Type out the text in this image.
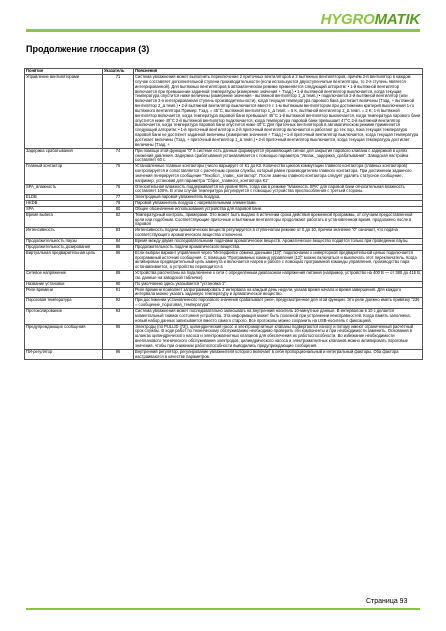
HYGRO MATIK
Продолжение глоссария (3)
Понятие	Указатель	Пояснения
Управление вентиляторами	71	Система увлажнения может выполнить переключение 2 приточных вентиляторов и 2 вытяжных вентиляторов, причём 2-й вентилятор в каждом случае составляет дополнительной ступени производительности (если используются двухступенчатые вентиляторы, то 2-я ступень является интегрированной). Для вытяжных вентиляторов в автоматическом режиме применяется следующий алгоритм: • 1-й вытяжной вентилятор включается при превышении заданной температуры (измерение значения + Тзад.) • 1-й вытяжной вентилятор выключается, когда текущая температура опустится ниже величины (измерение значения - вытяжной вентилятор 1_Δ темп.) • подключается 2-й вытяжной вентилятор (или включается 2-я интегрированная ступень производительности), когда текущая температура парового бака достигает величины (Тзад. + вытяжной вентилятор 2_Δ темп.) • 2-й вытяжной вентилятор выключается вместе с 1-м вытяжным вентилятором при достижении критерия выключения 1-го вытяжного вентилятора Пример: Тзад. = 45°C, вытяжной вентилятор 1_Δ темп. = 5 K, вытяжной вентилятор 2_Δ темп. = 2 K; 1-й вытяжной вентилятор включается, когда температура паровой бани превышает 45°C 1-й вытяжной вентилятор выключается, когда температура парового бани опустится ниже 40°C 2-й вытяжной вентилятор подключается, когда температура паровой бани превышает 47°C 2-й вытяжной вентилятор выключается, когда температура паровой бани опустится ниже 40°C Для приточных вентиляторов в автоматическом режиме применяется следующий алгоритм: • 1-й приточный вентилятор и 2-й приточный вентилятор включаются и работают до тех пор, пока текущая температура паровой бани не достигнет заданной величины (измерение значения + Тзад.) • 1-й приточный вентилятор выключается, когда текущая температура достигает величины (Тзад. + приточный вентилятор 1_Δ темп.) • 2-й приточный вентилятор выключается, когда текущая температура достигает величины (Тзад. +
Задержка срабатывания	74	При помощи этой функции "0" в системе есть данные формируется управляющий сигнал для закрытия парового клапана с задержкой в целях снижения давления. Задержка срабатывания устанавливается с помощью параметра "Увлаж._задержка_срабатывания". Заводская настройка составляет 60 с.
Главный контактор	75	Установленные главные контакторы (число варьирует от К1 до К3. Количество циклов коммутации главного контактора (главных контакторов) контролируется и сопоставляется с расчётным сроком службы, который равен производителем главного контактора. При достижении заданного значения генерируется сообщение "Техобсл._главн._контактор". После замены главного контактора следует удалить статусное сообщение, например, установив для параметра "Сброс_главного_контактора К1"
SPA_влажность	76	Относительная влажность поддерживается на уровне 95%, тогда как в режиме "влажность SPA" для паровой бани относительная влажность составляет 100%. В этом случае температура регулируется с помощью устройства приспособления с третьей стороны.
ELDB	77	Электродный паровой увлажнитель воздуха.
HKDB	78	Паровой увлажнитель воздуха с нагревательными элементами.
SPA	80	Общее обозначение использования устройства для паровой бани.
Время выбега	82	Температурный контроль, примерами. Это может быть выдано в истечении срока действия временной программы, от случаем предоставленной цели или подобным. Соответствующие приточные и вытяжные вентиляторы продолжают работать в установленном время, продолжено после в паровой
Интенсивность	83	Интенсивность подачи ароматических веществ регулируется в ступенчатом режиме от 0 до 10, причем значение "0" означает, что подача соответствующего ароматического вещества отключено.
Продолжительность паузы	84	Время между двумя последовательными подачами ароматических веществ. Ароматическое вещество подаётся только при проведении паузы.
Продолжительность дозирования	85	Продолжительность подачи ароматического вещества.
Виртуальная предварительная цель	86	Если выбран вариант управления через "Интерфейсе обмена данными [13]", подключаемо к инверторной предварительной целью подключается программный источник сообщения. С помощью "Программных команд управления [12]" можно включаться и выключать этот переключатель. Когда активирован предварительный цель замкнута и включается нагрев и работе с помощью программной команды управления, производство пара останавливается, а устройство переводится в
Сетевое напряжение	89	Устройства рассчитаны на подключение к сети с определённым диапазоном напряжения питания (например, устройство на 400 В — от 380 до 415 В, см. данные на заводской табличке).
Название установки	90	По умолчанию здесь указывается "установка 1".
Реле времени	91	Реле времени позволяет запрограммировать 2 интервала на каждый день недели, указав время начала и время завершения. Для каждого интервала можно указать заданную температуру и ароматическое вещество.
Пороговая температура	92	При достижении установленного порогового значения срабатывает реле, предусмотренное для этой функции. Это реле должно иметь привязку "236 = сообщение_пороговая_температура".
Протоколирование	93	Система увлажнения может последовательно записывать на внутренний носитель 10-минутные данные. В интервалом в 10 с делается моментальный снимок состояния устройства. Эта информация может быть полезной при устранении неисправностей. Когда память заполнена, новый набор данных записывается вместо самого старого. Все протоколы можно сохранить на USB-носитель с фиксацией.
Предупреждающие сообщения	95	Электроды (по PULLID [72]), цилиндрический насос и электромагнитные клапаны подвергаются износу и потому имеют ограниченный расчётный срок службы. В ходе работ по техническому обслуживанию необходимо проверить эти компоненты и при необходимости заменить. Основания в шлангах цилиндрического насоса и электромагнитных клапанов для обеспечения их работоспособности. Во избежание необходимости внепланового технического обслуживания электродов, цилиндрического насоса и электромагнитных клапанов можно активировать пороговые значения, чтобы при снижении работоспособности выводились предупреждающие сообщения.
ПИ-регулятор	96	Внутренний регулятор, регулирование увлажнителя которого включает в себя пропорциональный и интегральный факторы. Оба фактора настраиваются в качестве параметров.
Страница 93
